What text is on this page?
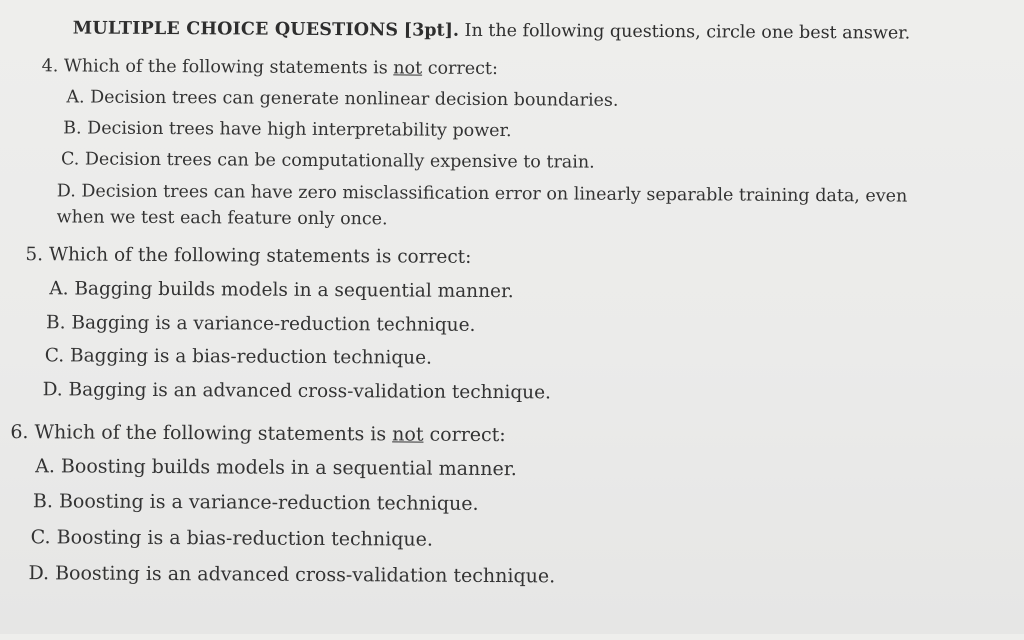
MULTIPLE CHOICE QUESTIONS [3pt]. In the following questions, circle one best answer.
4. Which of the following statements is not correct:
A. Decision trees can generate nonlinear decision boundaries.
B. Decision trees have high interpretability power.
C. Decision trees can be computationally expensive to train.
D. Decision trees can have zero misclassification error on linearly separable training data, even when we test each feature only once.
5. Which of the following statements is correct:
A. Bagging builds models in a sequential manner.
B. Bagging is a variance-reduction technique.
C. Bagging is a bias-reduction technique.
D. Bagging is an advanced cross-validation technique.
6. Which of the following statements is not correct:
A. Boosting builds models in a sequential manner.
B. Boosting is a variance-reduction technique.
C. Boosting is a bias-reduction technique.
D. Boosting is an advanced cross-validation technique.
